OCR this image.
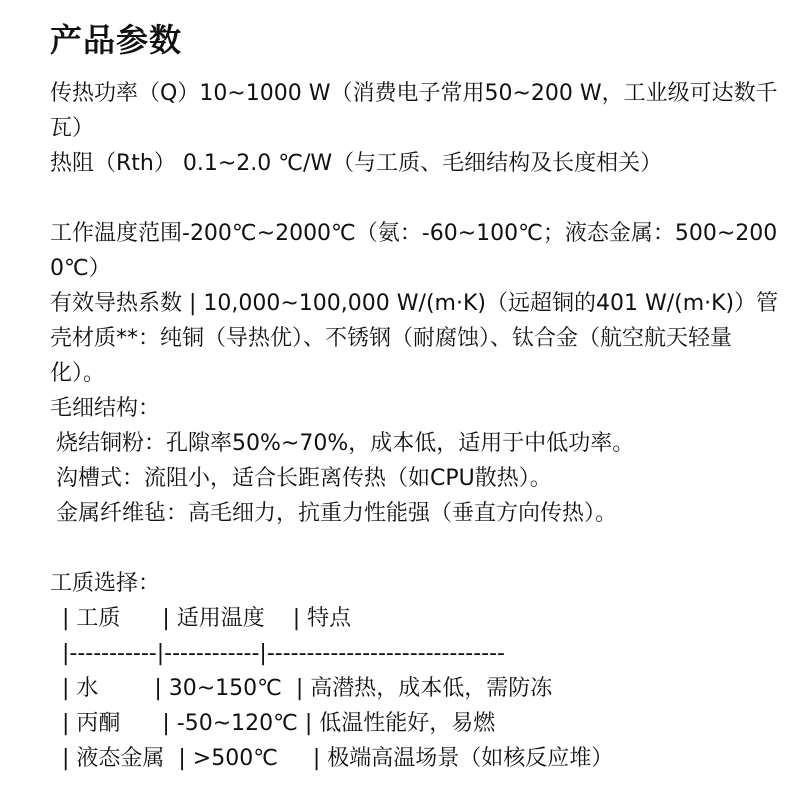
产品参数
传热功率（Q）10~1000 W（消费电子常用50~200 W，工业级可达数千瓦）
热阻（Rth） 0.1~2.0 ℃/W（与工质、毛细结构及长度相关）
工作温度范围-200℃~2000℃（氨：-60~100℃；液态金属：500~2000℃）
有效导热系数 | 10,000~100,000 W/(m·K)（远超铜的401 W/(m·K)）管壳材质**：纯铜（导热优）、不锈钢（耐腐蚀）、钛合金（航空航天轻量化）。
毛细结构：
烧结铜粉：孔隙率50%~70%，成本低，适用于中低功率。
沟槽式：流阻小，适合长距离传热（如CPU散热）。
金属纤维毡：高毛细力，抗重力性能强（垂直方向传热）。
工质选择：
| 工质      | 适用温度    | 特点
|-----------|------------|------------------------------
| 水        | 30~150℃  | 高潜热，成本低，需防冻
| 丙酮      | -50~120℃ | 低温性能好，易燃
| 液态金属  | >500℃     | 极端高温场景（如核反应堆）
